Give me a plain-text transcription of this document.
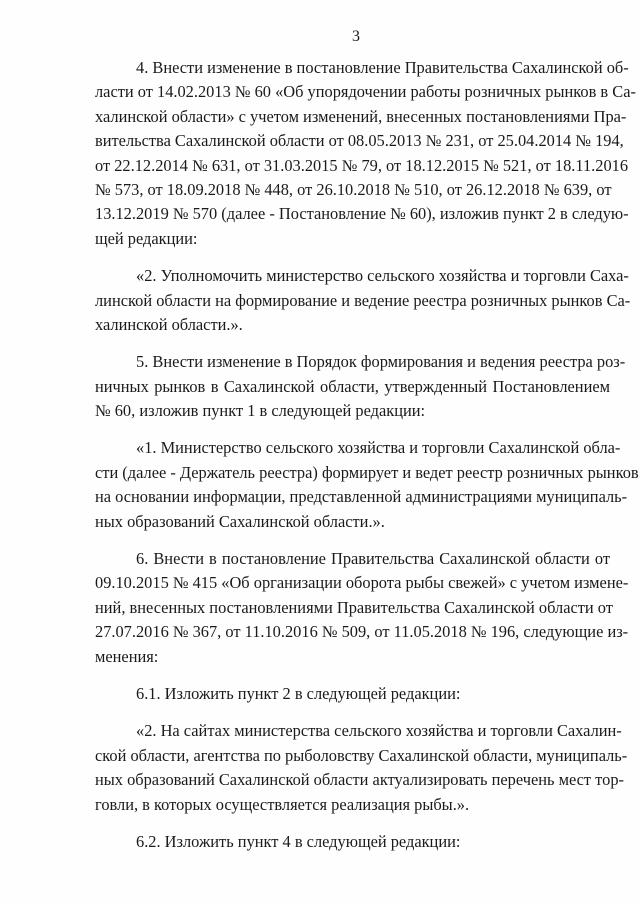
3
4. Внести изменение в постановление Правительства Сахалинской об-
ласти от 14.02.2013 № 60 «Об упорядочении работы розничных рынков в Са-
халинской области» с учетом изменений, внесенных постановлениями Пра-
вительства Сахалинской области от 08.05.2013 № 231, от 25.04.2014 № 194,
от 22.12.2014 № 631, от 31.03.2015 № 79, от 18.12.2015 № 521, от 18.11.2016
№ 573, от 18.09.2018 № 448, от 26.10.2018 № 510, от 26.12.2018 № 639, от
13.12.2019 № 570 (далее - Постановление № 60), изложив пункт 2 в следую-
щей редакции:
«2. Уполномочить министерство сельского хозяйства и торговли Саха-
линской области на формирование и ведение реестра розничных рынков Са-
халинской области.».
5. Внести изменение в Порядок формирования и ведения реестра роз-
ничных рынков в Сахалинской области, утвержденный Постановлением
№ 60, изложив пункт 1 в следующей редакции:
«1. Министерство сельского хозяйства и торговли Сахалинской обла-
сти (далее - Держатель реестра) формирует и ведет реестр розничных рынков
на основании информации, представленной администрациями муниципаль-
ных образований Сахалинской области.».
6. Внести в постановление Правительства Сахалинской области от
09.10.2015 № 415 «Об организации оборота рыбы свежей» с учетом измене-
ний, внесенных постановлениями Правительства Сахалинской области от
27.07.2016 № 367, от 11.10.2016 № 509, от 11.05.2018 № 196, следующие из-
менения:
6.1. Изложить пункт 2 в следующей редакции:
«2. На сайтах министерства сельского хозяйства и торговли Сахалин-
ской области, агентства по рыболовству Сахалинской области, муниципаль-
ных образований Сахалинской области актуализировать перечень мест тор-
говли, в которых осуществляется реализация рыбы.».
6.2. Изложить пункт 4 в следующей редакции:
